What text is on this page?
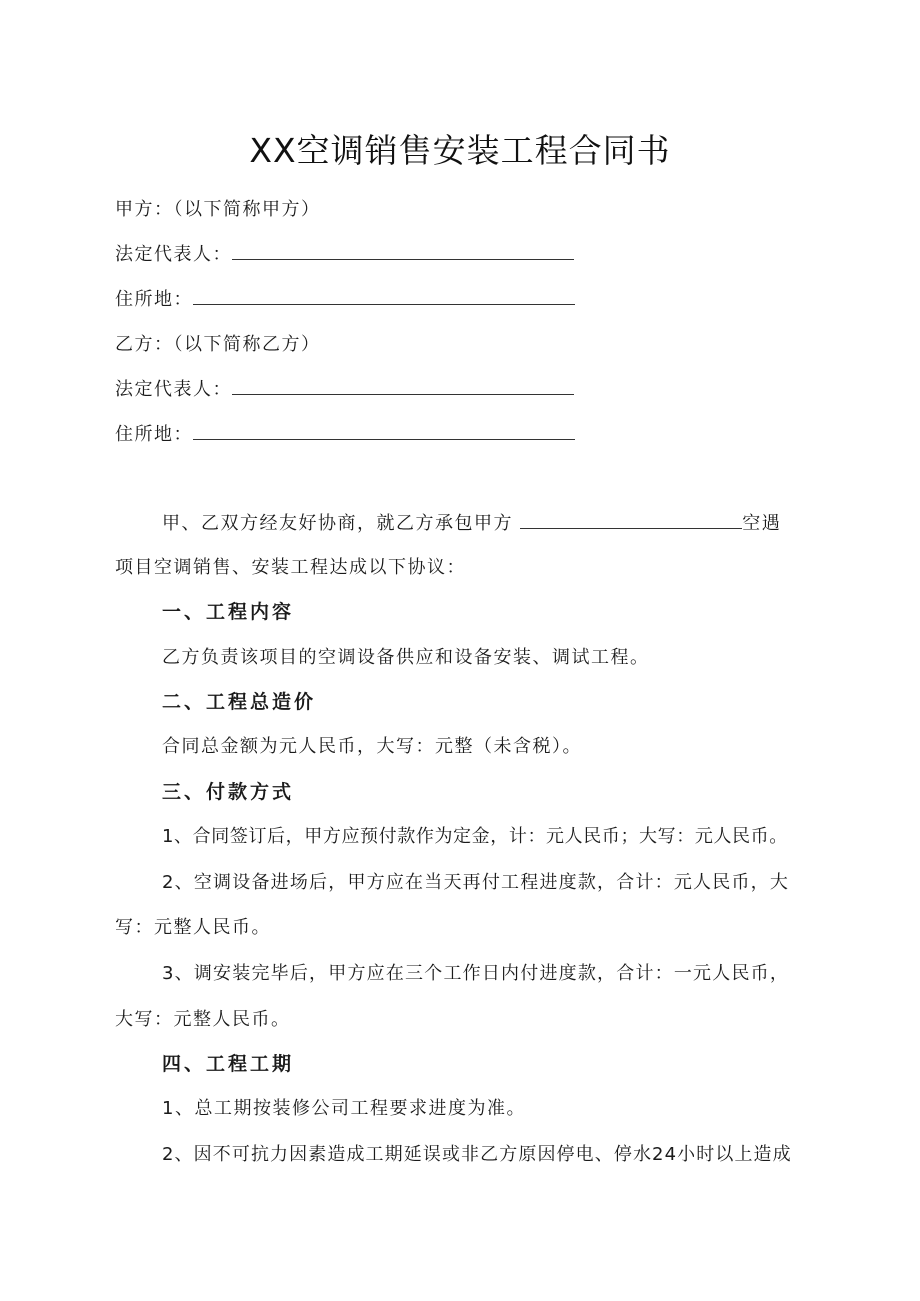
XX空调销售安装工程合同书
甲方：（以下简称甲方）
法定代表人：
住所地：
乙方：（以下简称乙方）
法定代表人：
住所地：
甲、乙双方经友好协商，就乙方承包甲方	空遇
项目空调销售、安装工程达成以下协议：
一、工程内容
乙方负责该项目的空调设备供应和设备安装、调试工程。
二、工程总造价
合同总金额为元人民币，大写：元整（未含税）。
三、付款方式
1、合同签订后，甲方应预付款作为定金，计：元人民币；大写：元人民币。
2、空调设备进场后，甲方应在当天再付工程进度款，合计：元人民币，大
写：元整人民币。
3、调安装完毕后，甲方应在三个工作日内付进度款，合计：一元人民币，
大写：元整人民币。
四、工程工期
1、总工期按装修公司工程要求进度为准。
2、因不可抗力因素造成工期延误或非乙方原因停电、停水24小时以上造成
